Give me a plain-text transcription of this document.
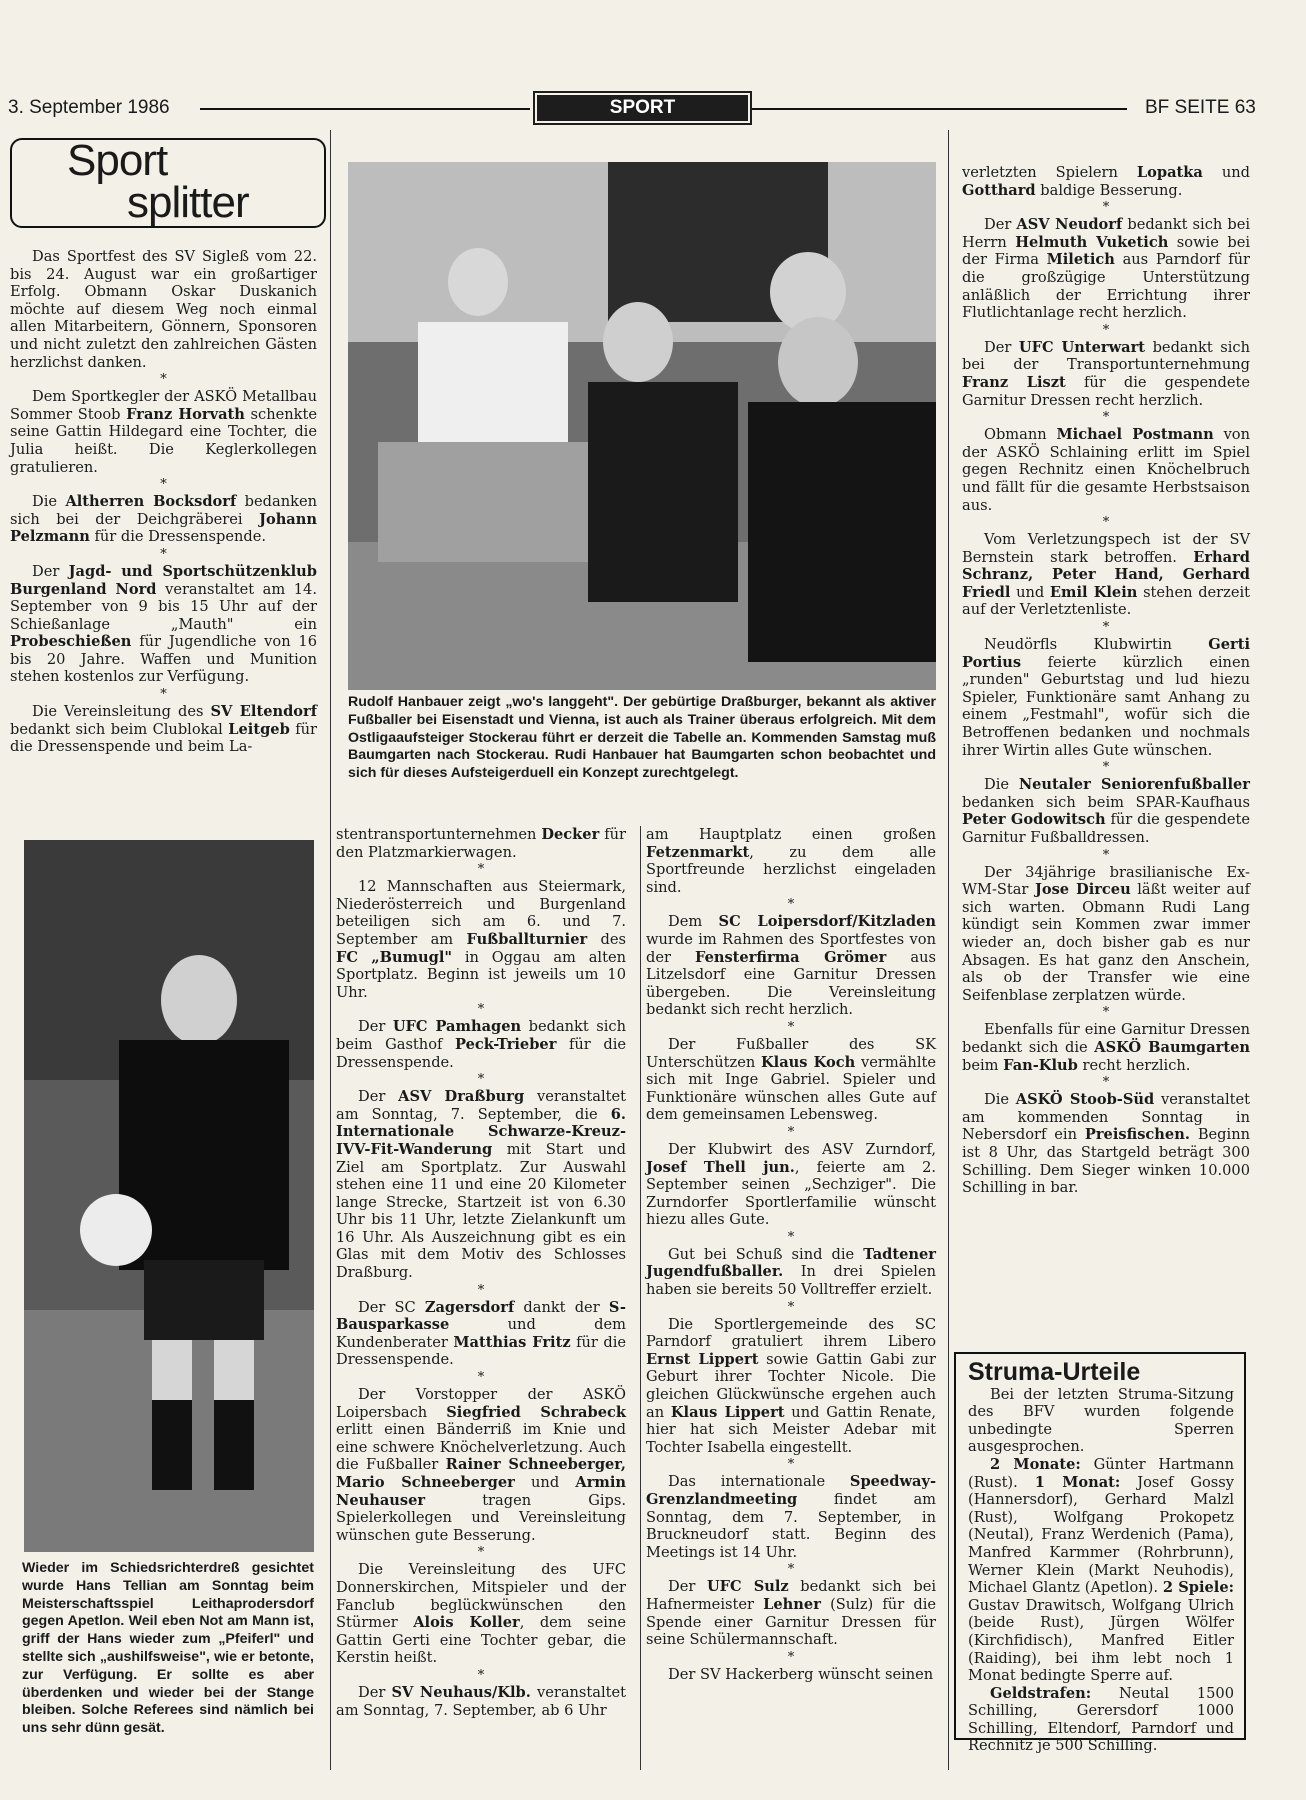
3. September 1986	SPORT	BF SEITE 63
Sport
splitter

Das Sportfest des SV Sigleß vom 22. bis 24. August war ein großartiger Erfolg. Obmann Oskar Duskanich möchte auf diesem Weg noch einmal allen Mitarbeitern, Gönnern, Sponsoren und nicht zuletzt den zahlreichen Gästen herzlichst danken.

*

Dem Sportkegler der ASKÖ Metallbau Sommer Stoob Franz Horvath schenkte seine Gattin Hildegard eine Tochter, die Julia heißt. Die Keglerkollegen gratulieren.

*

Die Altherren Bocksdorf bedanken sich bei der Deichgräberei Johann Pelzmann für die Dressenspende.

*

Der Jagd- und Sportschützenklub Burgenland Nord veranstaltet am 14. September von 9 bis 15 Uhr auf der Schießanlage „Mauth" ein Probeschießen für Jugendliche von 16 bis 20 Jahre. Waffen und Munition stehen kostenlos zur Verfügung.

*

Die Vereinsleitung des SV Eltendorf bedankt sich beim Clublokal Leitgeb für die Dressenspende und beim La-

Rudolf Hanbauer zeigt „wo's langgeht". Der gebürtige Draßburger, bekannt als aktiver Fußballer bei Eisenstadt und Vienna, ist auch als Trainer überaus erfolgreich. Mit dem Ostligaaufsteiger Stockerau führt er derzeit die Tabelle an. Kommenden Samstag muß Baumgarten nach Stockerau. Rudi Hanbauer hat Baumgarten schon beobachtet und sich für dieses Aufsteigerduell ein Konzept zurechtgelegt.

Wieder im Schiedsrichterdreß gesichtet wurde Hans Tellian am Sonntag beim Meisterschaftsspiel Leithaprodersdorf gegen Apetlon. Weil eben Not am Mann ist, griff der Hans wieder zum „Pfeiferl" und stellte sich „aushilfsweise", wie er betonte, zur Verfügung. Er sollte es aber überdenken und wieder bei der Stange bleiben. Solche Referees sind nämlich bei uns sehr dünn gesät.

stentransportunternehmen Decker für den Platzmarkierwagen.

*

12 Mannschaften aus Steiermark, Niederösterreich und Burgenland beteiligen sich am 6. und 7. September am Fußballturnier des FC „Bumugl" in Oggau am alten Sportplatz. Beginn ist jeweils um 10 Uhr.

*

Der UFC Pamhagen bedankt sich beim Gasthof Peck-Trieber für die Dressenspende.

*

Der ASV Draßburg veranstaltet am Sonntag, 7. September, die 6. Internationale Schwarze-Kreuz-IVV-Fit-Wanderung mit Start und Ziel am Sportplatz. Zur Auswahl stehen eine 11 und eine 20 Kilometer lange Strecke, Startzeit ist von 6.30 Uhr bis 11 Uhr, letzte Zielankunft um 16 Uhr. Als Auszeichnung gibt es ein Glas mit dem Motiv des Schlosses Draßburg.

*

Der SC Zagersdorf dankt der S-Bausparkasse und dem Kundenberater Matthias Fritz für die Dressenspende.

*

Der Vorstopper der ASKÖ Loipersbach Siegfried Schrabeck erlitt einen Bänderriß im Knie und eine schwere Knöchelverletzung. Auch die Fußballer Rainer Schneeberger, Mario Schneeberger und Armin Neuhauser tragen Gips. Spielerkollegen und Vereinsleitung wünschen gute Besserung.

*

Die Vereinsleitung des UFC Donnerskirchen, Mitspieler und der Fanclub beglückwünschen den Stürmer Alois Koller, dem seine Gattin Gerti eine Tochter gebar, die Kerstin heißt.

*

Der SV Neuhaus/Klb. veranstaltet am Sonntag, 7. September, ab 6 Uhr

am Hauptplatz einen großen Fetzenmarkt, zu dem alle Sportfreunde herzlichst eingeladen sind.

*

Dem SC Loipersdorf/Kitzladen wurde im Rahmen des Sportfestes von der Fensterfirma Grömer aus Litzelsdorf eine Garnitur Dressen übergeben. Die Vereinsleitung bedankt sich recht herzlich.

*

Der Fußballer des SK Unterschützen Klaus Koch vermählte sich mit Inge Gabriel. Spieler und Funktionäre wünschen alles Gute auf dem gemeinsamen Lebensweg.

*

Der Klubwirt des ASV Zurndorf, Josef Thell jun., feierte am 2. September seinen „Sechziger". Die Zurndorfer Sportlerfamilie wünscht hiezu alles Gute.

*

Gut bei Schuß sind die Tadtener Jugendfußballer. In drei Spielen haben sie bereits 50 Volltreffer erzielt.

*

Die Sportlergemeinde des SC Parndorf gratuliert ihrem Libero Ernst Lippert sowie Gattin Gabi zur Geburt ihrer Tochter Nicole. Die gleichen Glückwünsche ergehen auch an Klaus Lippert und Gattin Renate, hier hat sich Meister Adebar mit Tochter Isabella eingestellt.

*

Das internationale Speedway-Grenzlandmeeting findet am Sonntag, dem 7. September, in Bruckneudorf statt. Beginn des Meetings ist 14 Uhr.

*

Der UFC Sulz bedankt sich bei Hafnermeister Lehner (Sulz) für die Spende einer Garnitur Dressen für seine Schülermannschaft.

*

Der SV Hackerberg wünscht seinen

verletzten Spielern Lopatka und Gotthard baldige Besserung.

*

Der ASV Neudorf bedankt sich bei Herrn Helmuth Vuketich sowie bei der Firma Miletich aus Parndorf für die großzügige Unterstützung anläßlich der Errichtung ihrer Flutlichtanlage recht herzlich.

*

Der UFC Unterwart bedankt sich bei der Transportunternehmung Franz Liszt für die gespendete Garnitur Dressen recht herzlich.

*

Obmann Michael Postmann von der ASKÖ Schlaining erlitt im Spiel gegen Rechnitz einen Knöchelbruch und fällt für die gesamte Herbstsaison aus.

*

Vom Verletzungspech ist der SV Bernstein stark betroffen. Erhard Schranz, Peter Hand, Gerhard Friedl und Emil Klein stehen derzeit auf der Verletztenliste.

*

Neudörfls Klubwirtin Gerti Portius feierte kürzlich einen „runden" Geburtstag und lud hiezu Spieler, Funktionäre samt Anhang zu einem „Festmahl", wofür sich die Betroffenen bedanken und nochmals ihrer Wirtin alles Gute wünschen.

*

Die Neutaler Seniorenfußballer bedanken sich beim SPAR-Kaufhaus Peter Godowitsch für die gespendete Garnitur Fußballdressen.

*

Der 34jährige brasilianische Ex-WM-Star Jose Dirceu läßt weiter auf sich warten. Obmann Rudi Lang kündigt sein Kommen zwar immer wieder an, doch bisher gab es nur Absagen. Es hat ganz den Anschein, als ob der Transfer wie eine Seifenblase zerplatzen würde.

*

Ebenfalls für eine Garnitur Dressen bedankt sich die ASKÖ Baumgarten beim Fan-Klub recht herzlich.

*

Die ASKÖ Stoob-Süd veranstaltet am kommenden Sonntag in Nebersdorf ein Preisfischen. Beginn ist 8 Uhr, das Startgeld beträgt 300 Schilling. Dem Sieger winken 10.000 Schilling in bar.

Struma-Urteile

Bei der letzten Struma-Sitzung des BFV wurden folgende unbedingte Sperren ausgesprochen.

2 Monate: Günter Hartmann (Rust). 1 Monat: Josef Gossy (Hannersdorf), Gerhard Malzl (Rust), Wolfgang Prokopetz (Neutal), Franz Werdenich (Pama), Manfred Karmmer (Rohrbrunn), Werner Klein (Markt Neuhodis), Michael Glantz (Apetlon). 2 Spiele: Gustav Drawitsch, Wolfgang Ulrich (beide Rust), Jürgen Wölfer (Kirchfidisch), Manfred Eitler (Raiding), bei ihm lebt noch 1 Monat bedingte Sperre auf.

Geldstrafen: Neutal 1500 Schilling, Gerersdorf 1000 Schilling, Eltendorf, Parndorf und Rechnitz je 500 Schilling.
